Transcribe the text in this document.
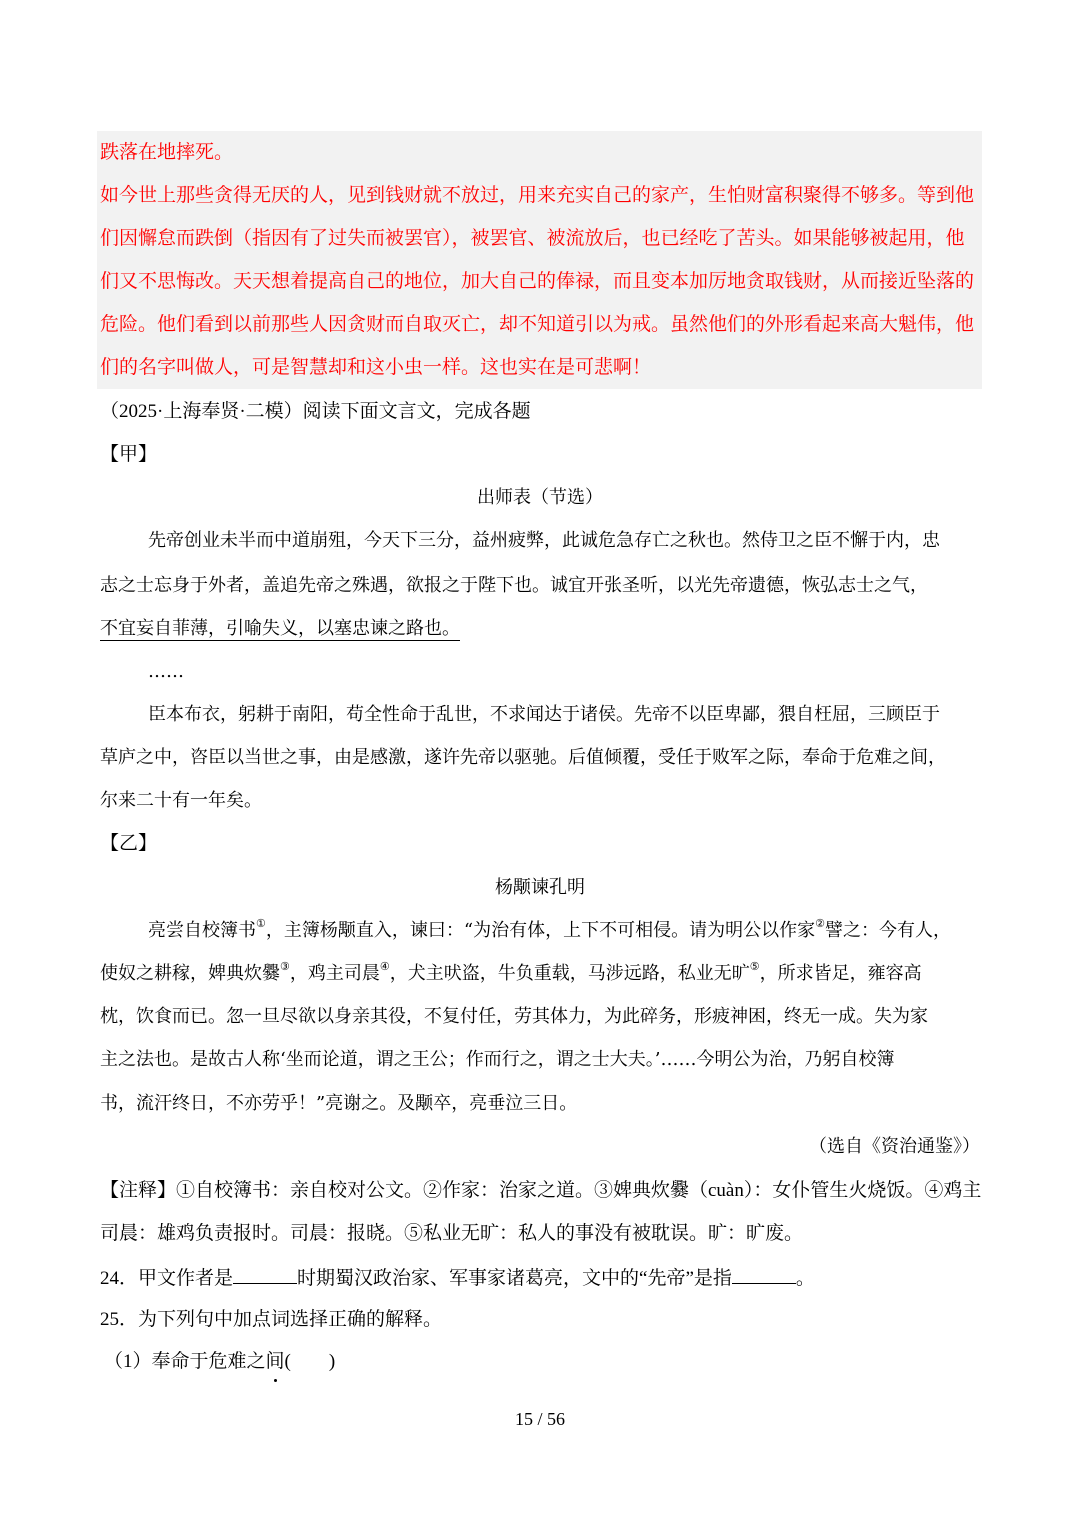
跌落在地摔死。
如今世上那些贪得无厌的人，见到钱财就不放过，用来充实自己的家产，生怕财富积聚得不够多。等到他
们因懈怠而跌倒（指因有了过失而被罢官），被罢官、被流放后，也已经吃了苦头。如果能够被起用，他
们又不思悔改。天天想着提高自己的地位，加大自己的俸禄，而且变本加厉地贪取钱财，从而接近坠落的
危险。他们看到以前那些人因贪财而自取灭亡，却不知道引以为戒。虽然他们的外形看起来高大魁伟，他
们的名字叫做人，可是智慧却和这小虫一样。这也实在是可悲啊！
（2025·上海奉贤·二模）阅读下面文言文，完成各题
【甲】
出师表（节选）
先帝创业未半而中道崩殂，今天下三分，益州疲弊，此诚危急存亡之秋也。然侍卫之臣不懈于内，忠
志之士忘身于外者，盖追先帝之殊遇，欲报之于陛下也。诚宜开张圣听，以光先帝遗德，恢弘志士之气，
不宜妄自菲薄，引喻失义，以塞忠谏之路也。
……
臣本布衣，躬耕于南阳，苟全性命于乱世，不求闻达于诸侯。先帝不以臣卑鄙，猥自枉屈，三顾臣于
草庐之中，咨臣以当世之事，由是感激，遂许先帝以驱驰。后值倾覆，受任于败军之际，奉命于危难之间，
尔来二十有一年矣。
【乙】
杨颙谏孔明
亮尝自校簿书①，主簿杨颙直入，谏曰：“为治有体，上下不可相侵。请为明公以作家②譬之：今有人，
使奴之耕稼，婢典炊爨③，鸡主司晨④，犬主吠盗，牛负重载，马涉远路，私业无旷⑤，所求皆足，雍容高
枕，饮食而已。忽一旦尽欲以身亲其役，不复付任，劳其体力，为此碎务，形疲神困，终无一成。失为家
主之法也。是故古人称‘坐而论道，谓之王公；作而行之，谓之士大夫。’……今明公为治，乃躬自校簿
书，流汗终日，不亦劳乎！”亮谢之。及颙卒，亮垂泣三日。
（选自《资治通鉴》）
【注释】①自校簿书：亲自校对公文。②作家：治家之道。③婢典炊爨（cuàn）：女仆管生火烧饭。④鸡主
司晨：雄鸡负责报时。司晨：报晓。⑤私业无旷：私人的事没有被耽误。旷：旷废。
24．甲文作者是	时期蜀汉政治家、军事家诸葛亮，文中的“先帝”是指	。
25．为下列句中加点词选择正确的解释。
（1）奉命于危难之间(　　)
15 / 56
